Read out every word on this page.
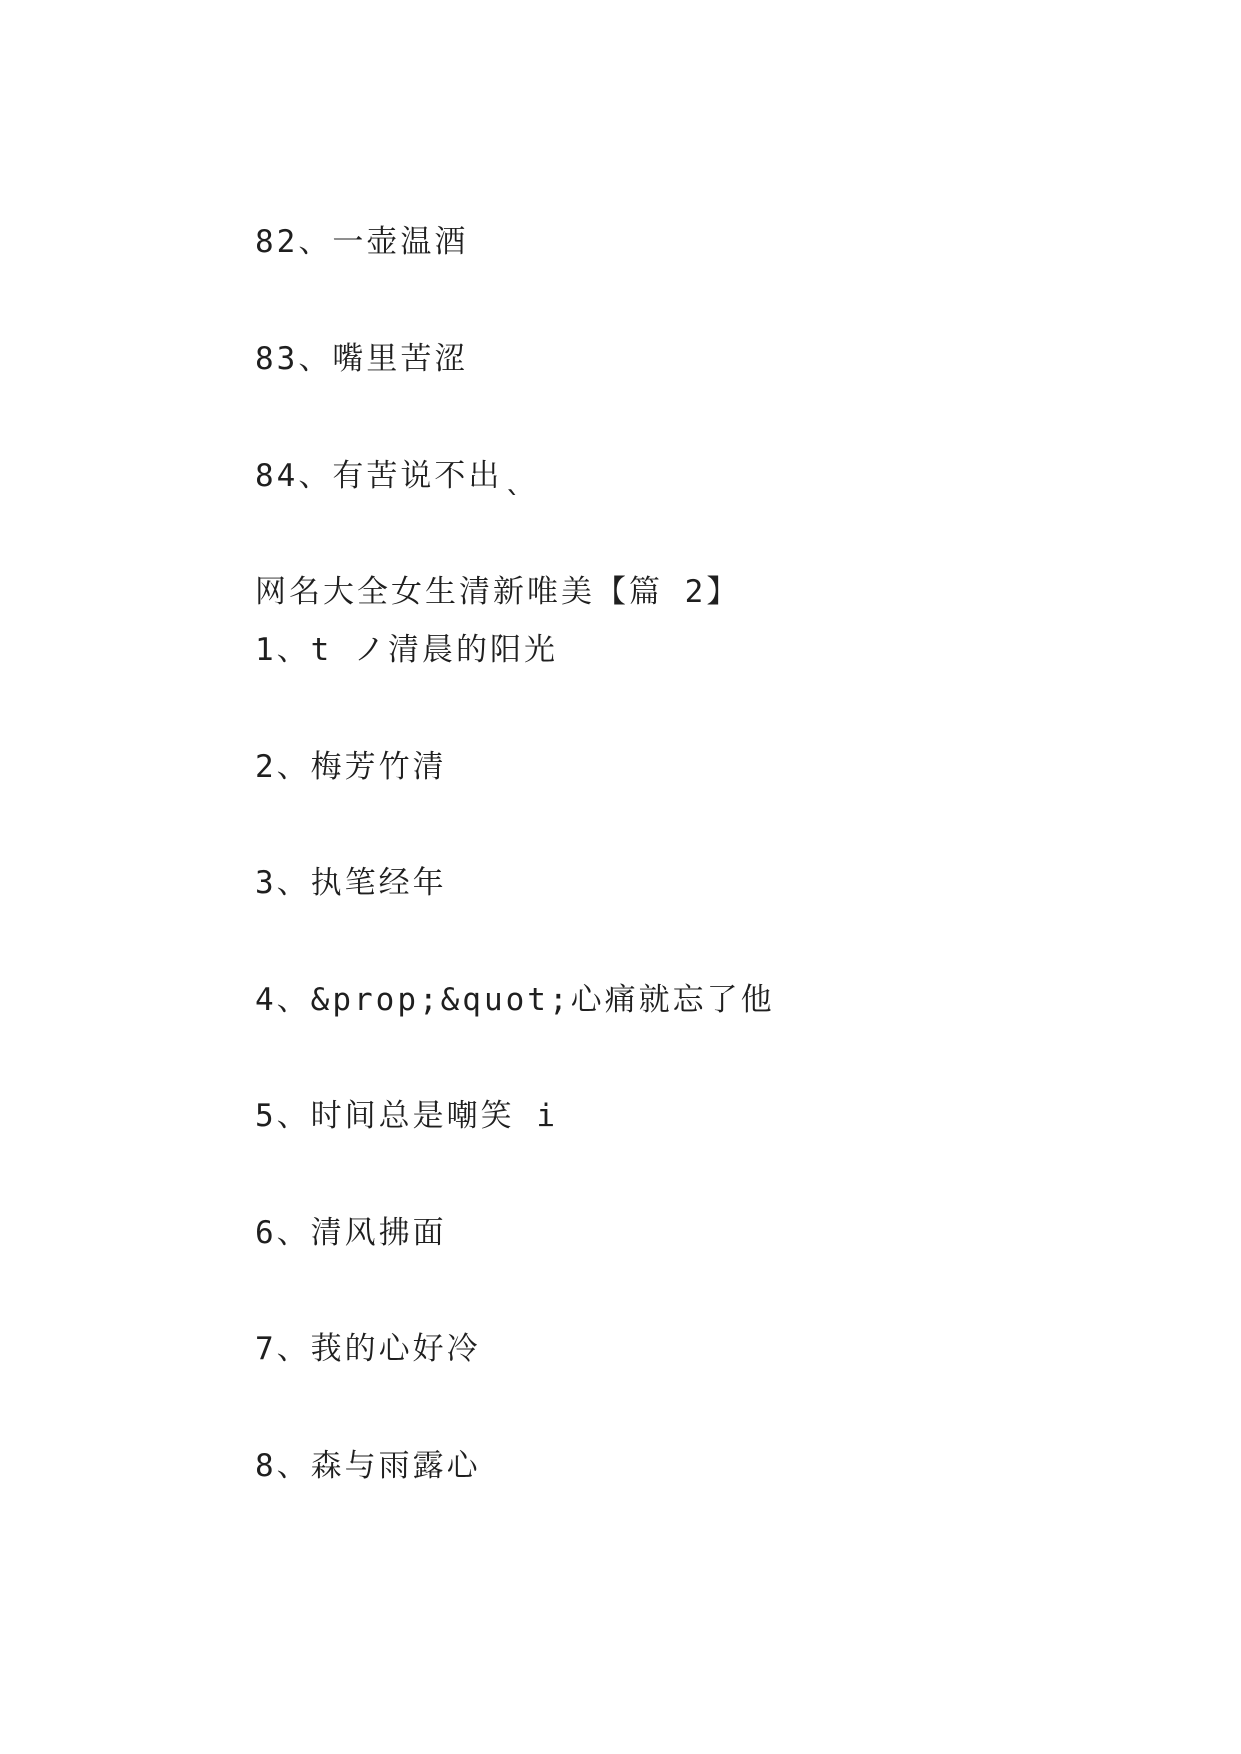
82、一壶温酒
83、嘴里苦涩
84、有苦说不出ˎ
网名大全女生清新唯美【篇 2】
1、t ノ清晨的阳光
2、梅芳竹清
3、执笔经年
4、&prop;&quot;心痛就忘了他
5、时间总是嘲笑 i
6、清风拂面
7、莪的心好冷
8、森与雨露心
